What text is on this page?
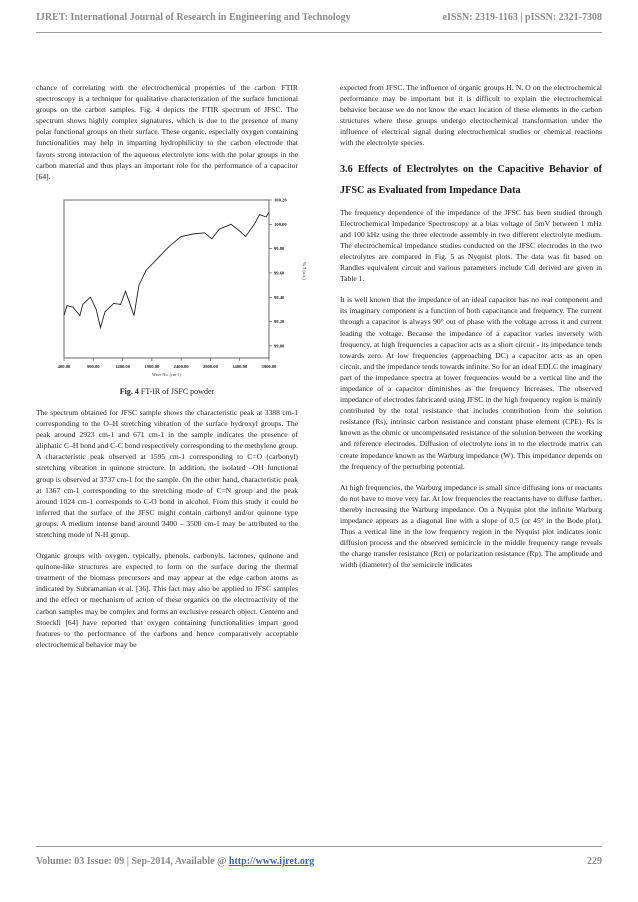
IJRET: International Journal of Research in Engineering and Technology	eISSN: 2319-1163 | pISSN: 2321-7308

chance of correlating with the electrochemical properties of the carbon. FTIR spectroscopy is a technique for qualitative characterization of the surface functional groups on the carbon samples. Fig. 4 depicts the FTIR spectrum of JFSC. The spectrum shows highly complex signatures, which is due to the presence of many polar functional groups on their surface. These organic, especially oxygen containing functionalities may help in imparting hydrophilicity to the carbon electrode that favors strong interaction of the aqueous electrolyte ions with the polar groups in the carbon material and thus plays an important role for the performance of a capacitor [64].

400.00	900.00	1400.00	1900.00	2400.00	2900.00	3400.00	3900.00
100.20
100.00
99.80
99.60
99.40
99.20
99.00
Wave No. (cm-1)
% T (a.u.)
Fig. 4 FT-IR of JSFC powder

The spectrum obtained for JFSC sample shows the characteristic peak at 3388 cm-1 corresponding to the O–H stretching vibration of the surface hydroxyl groups. The peak around 2923 cm-1 and 671 cm-1 in the sample indicates the presence of aliphatic C–H bond and C-C bond respectively corresponding to the methylene group. A characteristic peak observed at 1595 cm-1 corresponding to C=O (carbonyl) stretching vibration in quinone structure. In addition, the isolated –OH functional group is observed at 3737 cm-1 for the sample. On the other hand, characteristic peak at 1367 cm-1 corresponding to the stretching mode of C=N group and the peak around 1024 cm-1 corresponds to C-O bond in alcohol. From this study it could be inferred that the surface of the JFSC might contain carbonyl and/or quinone type groups. A medium intense band around 3400 – 3500 cm-1 may be attributed to the stretching mode of N-H group.

Organic groups with oxygen, typically, phenols, carbonyls, lactones, quinone and quinone-like structures are expected to form on the surface during the thermal treatment of the biomass precursors and may appear at the edge carbon atoms as indicated by Subramanian et al. [36]. This fact may also be applied to JFSC samples and the effect or mechanism of action of these organics on the electroactivity of the carbon samples may be complex and forms an exclusive research object. Centeno and Stoeckli [64] have reported that oxygen containing functionalities impart good features to the performance of the carbons and hence comparatively acceptable electrochemical behavior may be

expected from JFSC. The influence of organic groups H, N, O on the electrochemical performance may be important but it is difficult to explain the electrochemical behavior because we do not know the exact location of these elements in the carbon structures where these groups undergo electrochemical transformation under the influence of electrical signal during electrochemical studies or chemical reactions with the electrolyte species.

3.6 Effects of Electrolytes on the Capacitive Behavior of JFSC as Evaluated from Impedance Data

The frequency dependence of the impedance of the JFSC has been studied through Electrochemical Impedance Spectroscopy at a bias voltage of 5mV between 1 mHz and 100 kHz using the three electrode assembly in two different electrolyte medium. The electrochemical impedance studies conducted on the JFSC electrodes in the two electrolytes are compared in Fig. 5 as Nyquist plots. The data was fit based on Randles equivalent circuit and various parameters include Cdl derived are given in Table 1.

It is well known that the impedance of an ideal capacitor has no real component and its imaginary component is a function of both capacitance and frequency. The current through a capacitor is always 90° out of phase with the voltage across it and current leading the voltage. Because the impedance of a capacitor varies inversely with frequency, at high frequencies a capacitor acts as a short circuit - its impedance tends towards zero. At low frequencies (approaching DC) a capacitor acts as an open circuit, and the impedance tends towards infinite. So for an ideal EDLC the imaginary part of the impedance spectra at lower frequencies would be a vertical line and the impedance of a capacitor diminishes as the frequency Increases. The observed impedance of electrodes fabricated using JFSC in the high frequency region is mainly contributed by the total resistance that includes contribution from the solution resistance (Rs), intrinsic carbon resistance and constant phase element (CPE). Rs is known as the ohmic or uncompensated resistance of the solution between the working and reference electrodes. Diffusion of electrolyte ions in to the electrode matrix can create impedance known as the Warburg impedance (W). This impedance depends on the frequency of the perturbing potential.

At high frequencies, the Warburg impedance is small since diffusing ions or reactants do not have to move very far. At low frequencies the reactants have to diffuse farther, thereby increasing the Warburg impedance. On a Nyquist plot the infinite Warburg impedance appears as a diagonal line with a slope of 0.5 (or 45° in the Bode plot). Thus a vertical line in the low frequency region in the Nyquist plot indicates ionic diffusion process and the observed semicircle in the middle frequency range reveals the charge transfer resistance (Rct) or polarization resistance (Rp). The amplitude and width (diameter) of the semicircle indicates

Volume: 03 Issue: 09 | Sep-2014, Available @ http://www.ijret.org	229
